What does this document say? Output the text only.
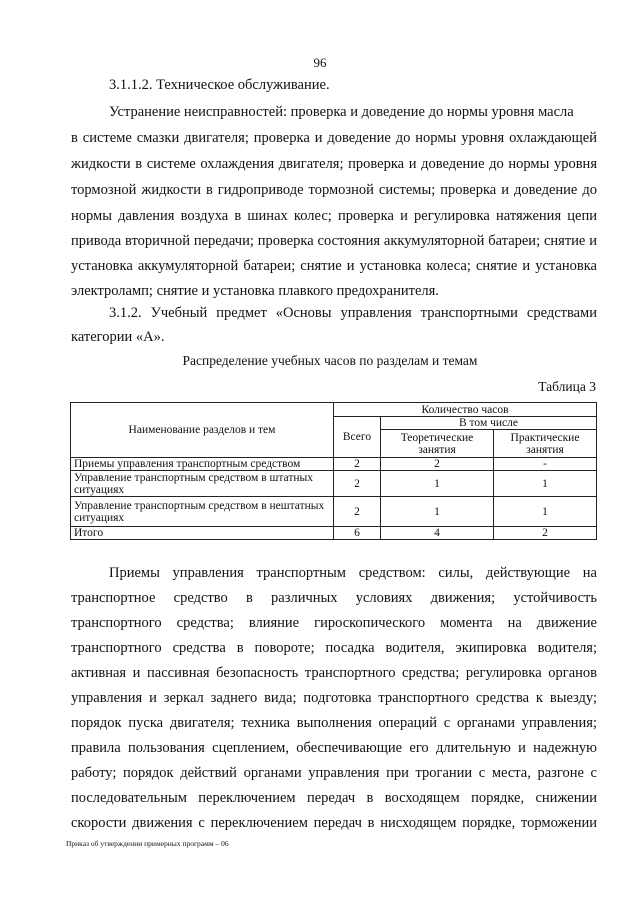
96
3.1.1.2. Техническое обслуживание.
Устранение неисправностей: проверка и доведение до нормы уровня масла
в системе смазки двигателя; проверка и доведение до нормы уровня охлаждающей
жидкости в системе охлаждения двигателя; проверка и доведение до нормы уровня
тормозной жидкости в гидроприводе тормозной системы; проверка и доведение до
нормы давления воздуха в шинах колес; проверка и регулировка натяжения цепи
привода вторичной передачи; проверка состояния аккумуляторной батареи; снятие и
установка аккумуляторной батареи; снятие и установка колеса; снятие и установка
электроламп; снятие и установка плавкого предохранителя.
3.1.2. Учебный предмет «Основы управления транспортными средствами
категории «А».
Распределение учебных часов по разделам и темам
Таблица 3
Наименование разделов и тем	Количество часов		
	Всего	В том числе	
		Теоретические занятия	Практические занятия
Приемы управления транспортным средством	2	2	-
Управление транспортным средством в штатных ситуациях	2	1	1
Управление транспортным средством в нештатных ситуациях	2	1	1
Итого	6	4	2
Приемы управления транспортным средством: силы, действующие на
транспортное средство в различных условиях движения; устойчивость
транспортного средства; влияние гироскопического момента на движение
транспортного средства в повороте; посадка водителя, экипировка водителя;
активная и пассивная безопасность транспортного средства; регулировка органов
управления и зеркал заднего вида; подготовка транспортного средства к выезду;
порядок пуска двигателя; техника выполнения операций с органами управления;
правила пользования сцеплением, обеспечивающие его длительную и надежную
работу; порядок действий органами управления при трогании с места, разгоне с
последовательным переключением передач в восходящем порядке, снижении
скорости движения с переключением передач в нисходящем порядке, торможении
Приказ об утверждении примерных программ – 06
